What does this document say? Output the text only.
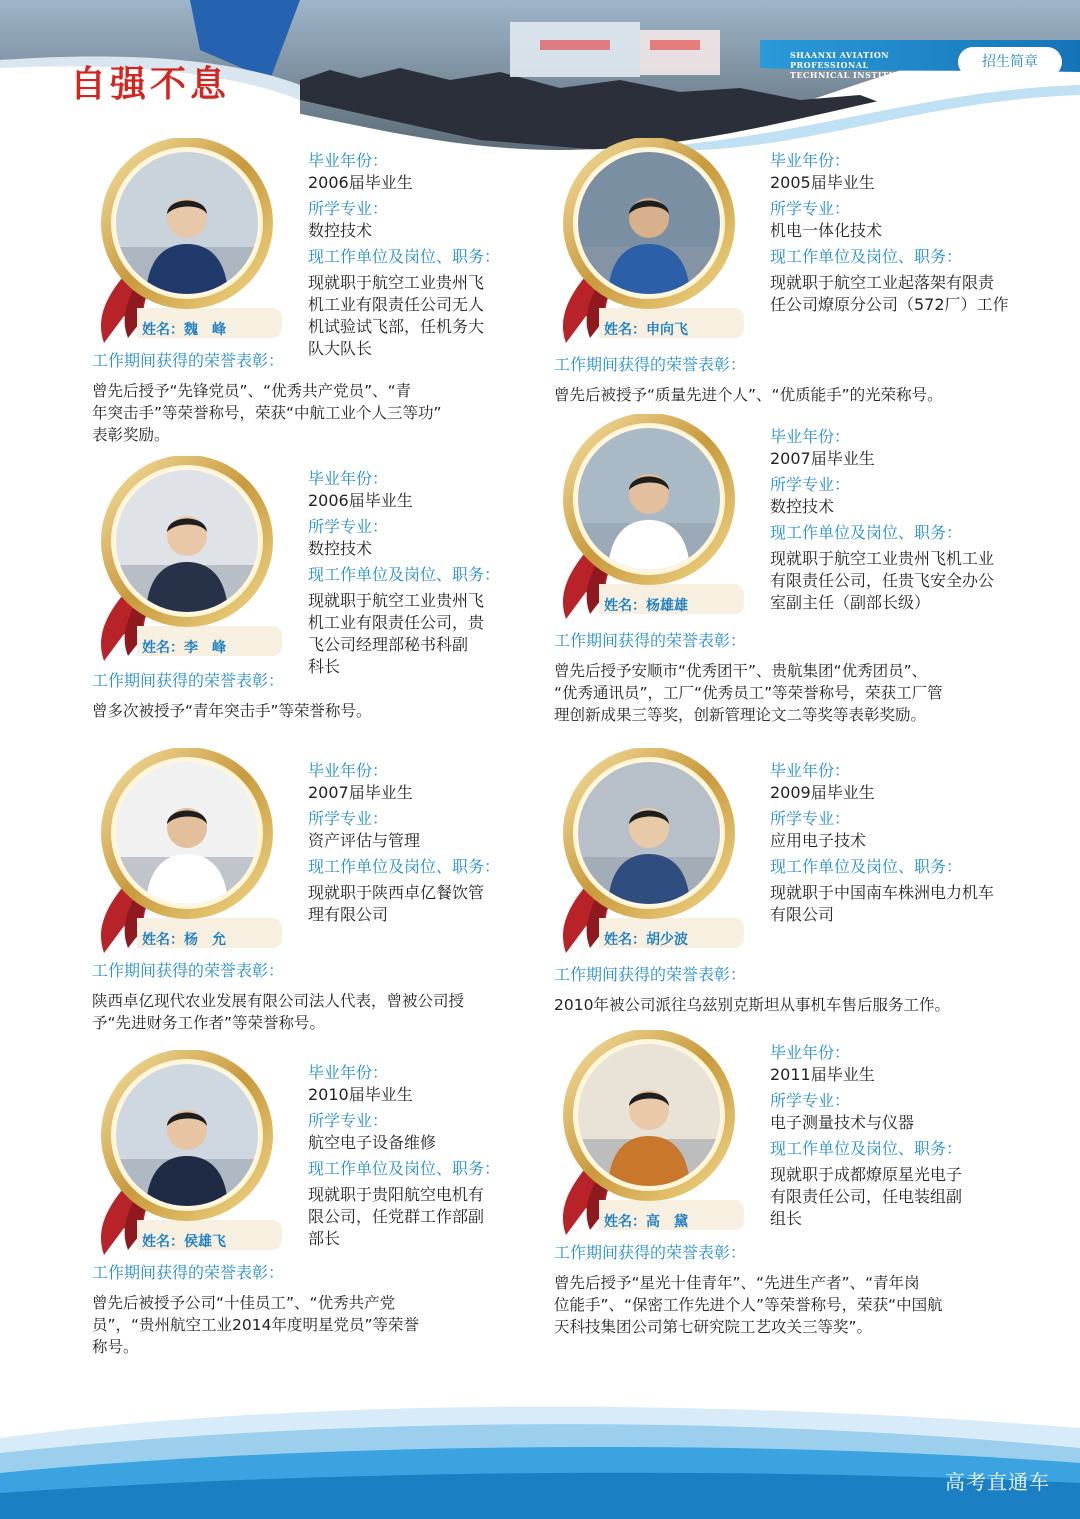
自强不息
SHAANXI AVIATION PROFESSIONAL
TECHNICAL INSTITUTE
招生简章
姓名：魏　峰
毕业年份：
2006届毕业生
所学专业：
数控技术
现工作单位及岗位、职务：
现就职于航空工业贵州飞
机工业有限责任公司无人
机试验试飞部，任机务大
队大队长
工作期间获得的荣誉表彰：
曾先后授予“先锋党员”、“优秀共产党员”、“青
年突击手”等荣誉称号，荣获“中航工业个人三等功”
表彰奖励。
姓名：申向飞
毕业年份：
2005届毕业生
所学专业：
机电一体化技术
现工作单位及岗位、职务：
现就职于航空工业起落架有限责
任公司燎原分公司（572厂）工作
工作期间获得的荣誉表彰：
曾先后被授予“质量先进个人”、“优质能手”的光荣称号。
姓名：李　峰
毕业年份：
2006届毕业生
所学专业：
数控技术
现工作单位及岗位、职务：
现就职于航空工业贵州飞
机工业有限责任公司，贵
飞公司经理部秘书科副
科长
工作期间获得的荣誉表彰：
曾多次被授予“青年突击手”等荣誉称号。
姓名：杨雄雄
毕业年份：
2007届毕业生
所学专业：
数控技术
现工作单位及岗位、职务：
现就职于航空工业贵州飞机工业
有限责任公司，任贵飞安全办公
室副主任（副部长级）
工作期间获得的荣誉表彰：
曾先后授予安顺市“优秀团干”、贵航集团“优秀团员”、
“优秀通讯员”，工厂“优秀员工”等荣誉称号，荣获工厂管
理创新成果三等奖，创新管理论文二等奖等表彰奖励。
姓名：杨　允
毕业年份：
2007届毕业生
所学专业：
资产评估与管理
现工作单位及岗位、职务：
现就职于陕西卓亿餐饮管
理有限公司
工作期间获得的荣誉表彰：
陕西卓亿现代农业发展有限公司法人代表，曾被公司授
予“先进财务工作者”等荣誉称号。
姓名：胡少波
毕业年份：
2009届毕业生
所学专业：
应用电子技术
现工作单位及岗位、职务：
现就职于中国南车株洲电力机车
有限公司
工作期间获得的荣誉表彰：
2010年被公司派往乌兹别克斯坦从事机车售后服务工作。
姓名：侯雄飞
毕业年份：
2010届毕业生
所学专业：
航空电子设备维修
现工作单位及岗位、职务：
现就职于贵阳航空电机有
限公司，任党群工作部副
部长
工作期间获得的荣誉表彰：
曾先后被授予公司“十佳员工”、“优秀共产党
员”，“贵州航空工业2014年度明星党员”等荣誉
称号。
姓名：高　黛
毕业年份：
2011届毕业生
所学专业：
电子测量技术与仪器
现工作单位及岗位、职务：
现就职于成都燎原星光电子
有限责任公司，任电装组副
组长
工作期间获得的荣誉表彰：
曾先后授予“星光十佳青年”、“先进生产者”、“青年岗
位能手”、“保密工作先进个人”等荣誉称号，荣获“中国航
天科技集团公司第七研究院工艺攻关三等奖”。
高考直通车
